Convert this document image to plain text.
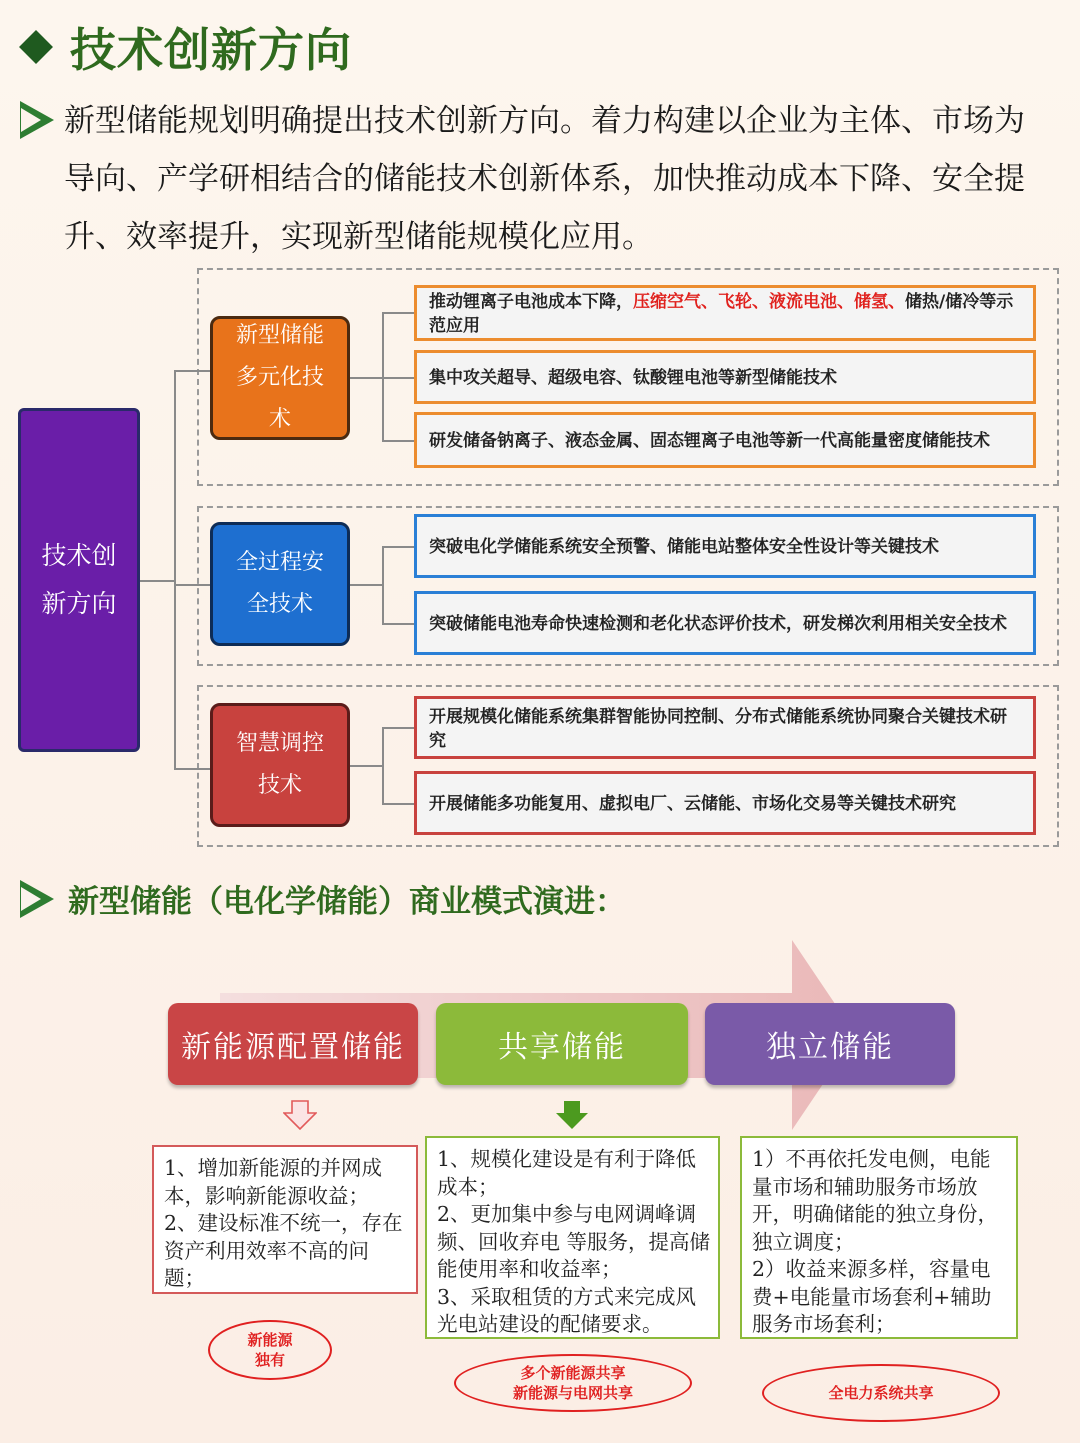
技术创新方向
新型储能规划明确提出技术创新方向。着力构建以企业为主体、市场为导向、产学研相结合的储能技术创新体系，加快推动成本下降、安全提升、效率提升，实现新型储能规模化应用。
技术创新方向
新型储能多元化技术
全过程安全技术
智慧调控技术
推动锂离子电池成本下降，压缩空气、飞轮、液流电池、储氢、储热/储冷等示范应用
集中攻关超导、超级电容、钛酸锂电池等新型储能技术
研发储备钠离子、液态金属、固态锂离子电池等新一代高能量密度储能技术
突破电化学储能系统安全预警、储能电站整体安全性设计等关键技术
突破储能电池寿命快速检测和老化状态评价技术，研发梯次利用相关安全技术
开展规模化储能系统集群智能协同控制、分布式储能系统协同聚合关键技术研究
开展储能多功能复用、虚拟电厂、云储能、市场化交易等关键技术研究
新型储能（电化学储能）商业模式演进：
新能源配置储能	共享储能	独立储能
1、增加新能源的并网成本，影响新能源收益；
2、建设标准不统一，存在资产利用效率不高的问题；
1、规模化建设是有利于降低成本；
2、更加集中参与电网调峰调频、回收弃电 等服务，提高储能使用率和收益率；
3、采取租赁的方式来完成风光电站建设的配储要求。
1）不再依托发电侧，电能量市场和辅助服务市场放开，明确储能的独立身份，独立调度；
2）收益来源多样，容量电费+电能量市场套利+辅助服务市场套利；
新能源
独有
多个新能源共享
新能源与电网共享	全电力系统共享
